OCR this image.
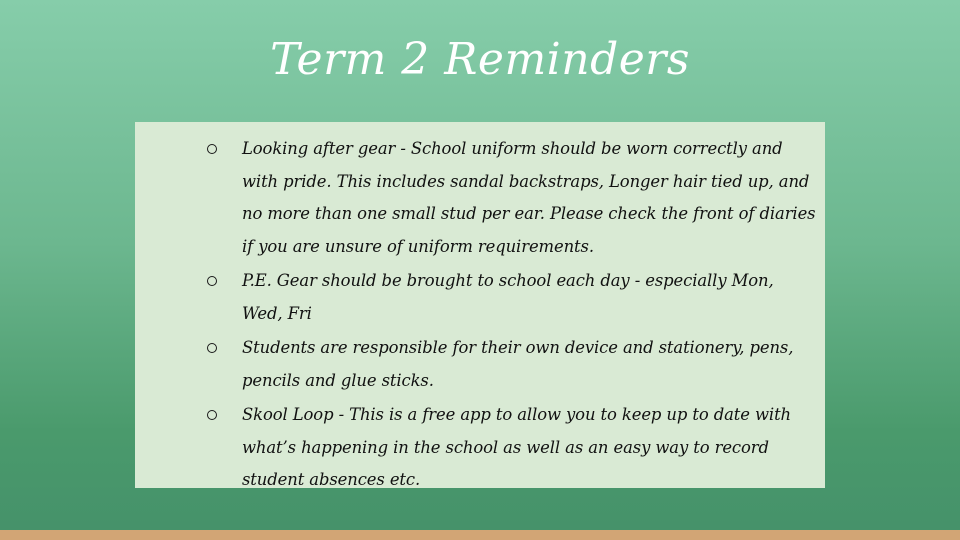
Term 2 Reminders
Looking after gear - School uniform should be worn correctly and with pride. This includes sandal backstraps, Longer hair tied up, and no more than one small stud per ear. Please check the front of diaries if you are unsure of uniform requirements.
P.E. Gear should be brought to school each day - especially Mon, Wed, Fri
Students are responsible for their own device and stationery, pens, pencils and glue sticks.
Skool Loop - This is a free app to allow you to keep up to date with what’s happening in the school as well as an easy way to record student absences etc.
